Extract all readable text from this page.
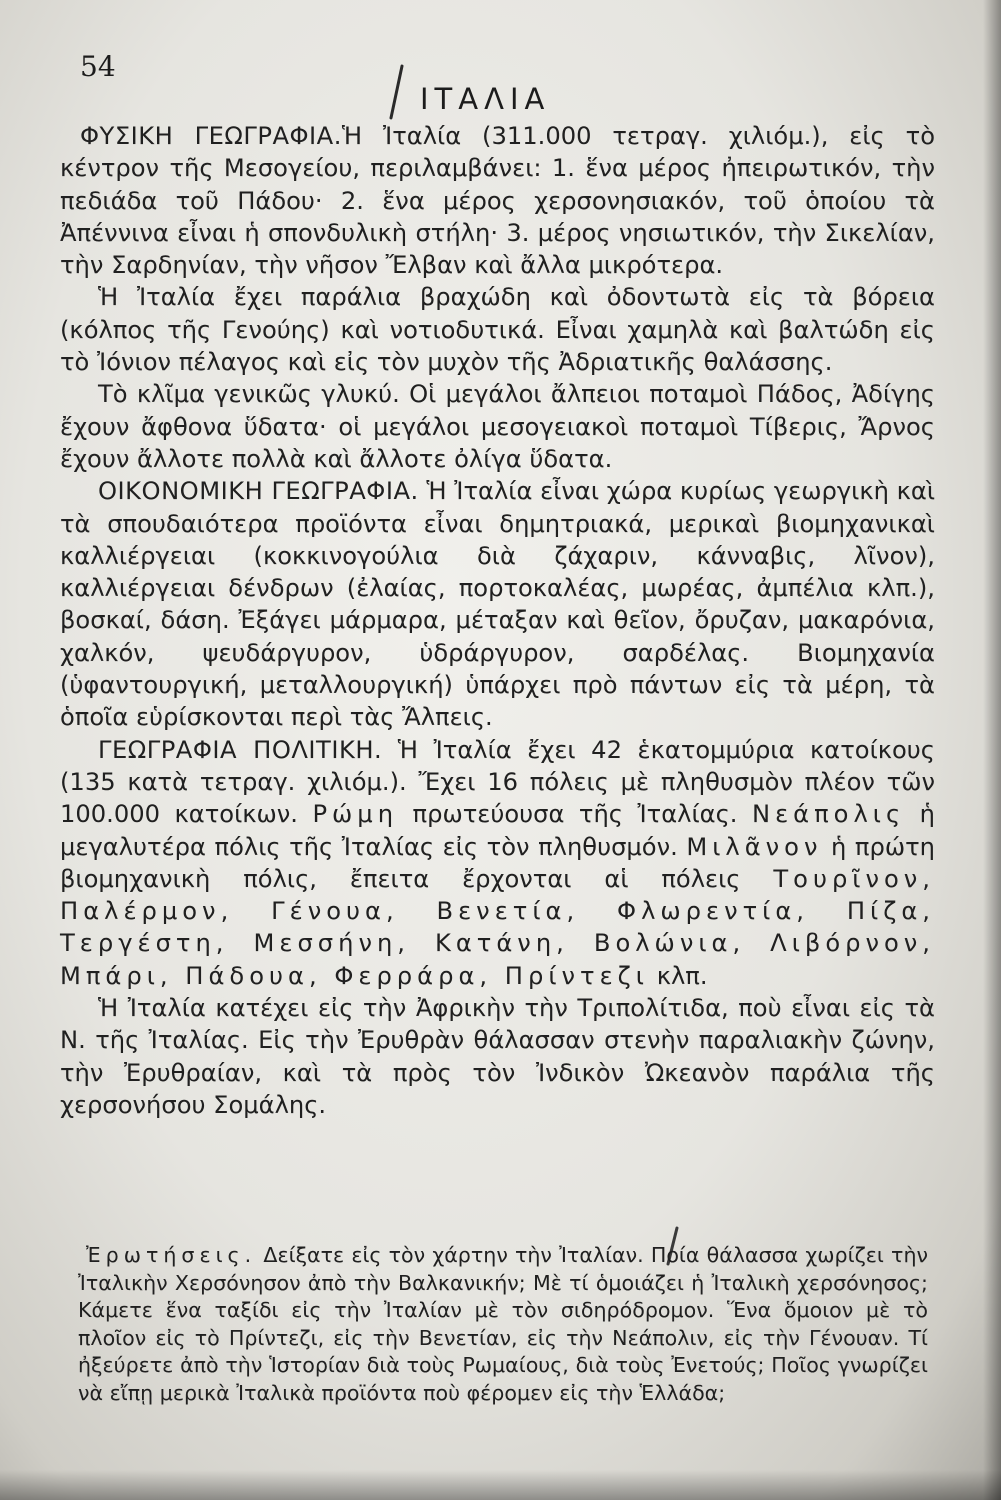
54
ΙΤΑΛΙΑ

ΦΥΣΙΚΗ ΓΕΩΓΡΑΦΙΑ.Ἡ Ἰταλία (311.000 τετραγ. χιλιόμ.), εἰς τὸ κέντρον τῆς Μεσογείου, περιλαμβάνει: 1. ἕνα μέρος ἠπειρωτικόν, τὴν πεδιάδα τοῦ Πάδου· 2. ἕνα μέρος χερσονησιακόν, τοῦ ὁποίου τὰ Ἀπέννινα εἶναι ἡ σπονδυλικὴ στήλη· 3. μέρος νησιωτικόν, τὴν Σικελίαν, τὴν Σαρδηνίαν, τὴν νῆσον Ἔλβαν καὶ ἄλλα μικρότερα.

Ἡ Ἰταλία ἔχει παράλια βραχώδη καὶ ὀδοντωτὰ εἰς τὰ βόρεια (κόλπος τῆς Γενούης) καὶ νοτιοδυτικά. Εἶναι χαμηλὰ καὶ βαλτώδη εἰς τὸ Ἰόνιον πέλαγος καὶ εἰς τὸν μυχὸν τῆς Ἀδριατικῆς θαλάσσης.

Τὸ κλῖμα γενικῶς γλυκύ. Οἱ μεγάλοι ἄλπειοι ποταμοὶ Πάδος, Ἀδίγης ἔχουν ἄφθονα ὕδατα· οἱ μεγάλοι μεσογειακοὶ ποταμοὶ Τίβερις, Ἄρνος ἔχουν ἄλλοτε πολλὰ καὶ ἄλλοτε ὀλίγα ὕδατα.

ΟΙΚΟΝΟΜΙΚΗ ΓΕΩΓΡΑΦΙΑ. Ἡ Ἰταλία εἶναι χώρα κυρίως γεωργικὴ καὶ τὰ σπουδαιότερα προϊόντα εἶναι δημητριακά, μερικαὶ βιομηχανικαὶ καλλιέργειαι (κοκκινογούλια διὰ ζάχαριν, κάνναβις, λῖνον), καλλιέργειαι δένδρων (ἐλαίας, πορτοκαλέας, μωρέας, ἀμπέλια κλπ.), βοσκαί, δάση. Ἐξάγει μάρμαρα, μέταξαν καὶ θεῖον, ὄρυζαν, μακαρόνια, χαλκόν, ψευδάργυρον, ὑδράργυρον, σαρδέλας. Βιομηχανία (ὑφαντουργική, μεταλλουργική) ὑπάρχει πρὸ πάντων εἰς τὰ μέρη, τὰ ὁποῖα εὑρίσκονται περὶ τὰς Ἄλπεις.

ΓΕΩΓΡΑΦΙΑ ΠΟΛΙΤΙΚΗ. Ἡ Ἰταλία ἔχει 42 ἑκατομμύρια κατοίκους (135 κατὰ τετραγ. χιλιόμ.). Ἔχει 16 πόλεις μὲ πληθυσμὸν πλέον τῶν 100.000 κατοίκων. Ρώμη πρωτεύουσα τῆς Ἰταλίας. Νεάπολις ἡ μεγαλυτέρα πόλις τῆς Ἰταλίας εἰς τὸν πληθυσμόν. Μιλᾶνον ἡ πρώτη βιομηχανικὴ πόλις, ἔπειτα ἔρχονται αἱ πόλεις Τουρῖνον, Παλέρμον, Γένουα, Βενετία, Φλωρεντία, Πίζα, Τεργέστη, Μεσσήνη, Κατάνη, Βολώνια, Λιβόρνον, Μπάρι, Πάδουα, Φερράρα, Πρίντεζι κλπ.

Ἡ Ἰταλία κατέχει εἰς τὴν Ἀφρικὴν τὴν Τριπολίτιδα, ποὺ εἶναι εἰς τὰ Ν. τῆς Ἰταλίας. Εἰς τὴν Ἐρυθρὰν θάλασσαν στενὴν παραλιακὴν ζώνην, τὴν Ἐρυθραίαν, καὶ τὰ πρὸς τὸν Ἰνδικὸν Ὠκεανὸν παράλια τῆς χερσονήσου Σομάλης.

Ἐρωτήσεις. Δείξατε εἰς τὸν χάρτην τὴν Ἰταλίαν. Ποία θάλασσα χωρίζει τὴν Ἰταλικὴν Χερσόνησον ἀπὸ τὴν Βαλκανικήν; Μὲ τί ὁμοιάζει ἡ Ἰταλικὴ χερσόνησος; Κάμετε ἕνα ταξίδι εἰς τὴν Ἰταλίαν μὲ τὸν σιδηρόδρομον. Ἕνα ὅμοιον μὲ τὸ πλοῖον εἰς τὸ Πρίντεζι, εἰς τὴν Βενετίαν, εἰς τὴν Νεάπολιν, εἰς τὴν Γένουαν. Τί ἠξεύρετε ἀπὸ τὴν Ἱστορίαν διὰ τοὺς Ρωμαίους, διὰ τοὺς Ἐνετούς; Ποῖος γνωρίζει νὰ εἴπῃ μερικὰ Ἰταλικὰ προϊόντα ποὺ φέρομεν εἰς τὴν Ἑλλάδα;
